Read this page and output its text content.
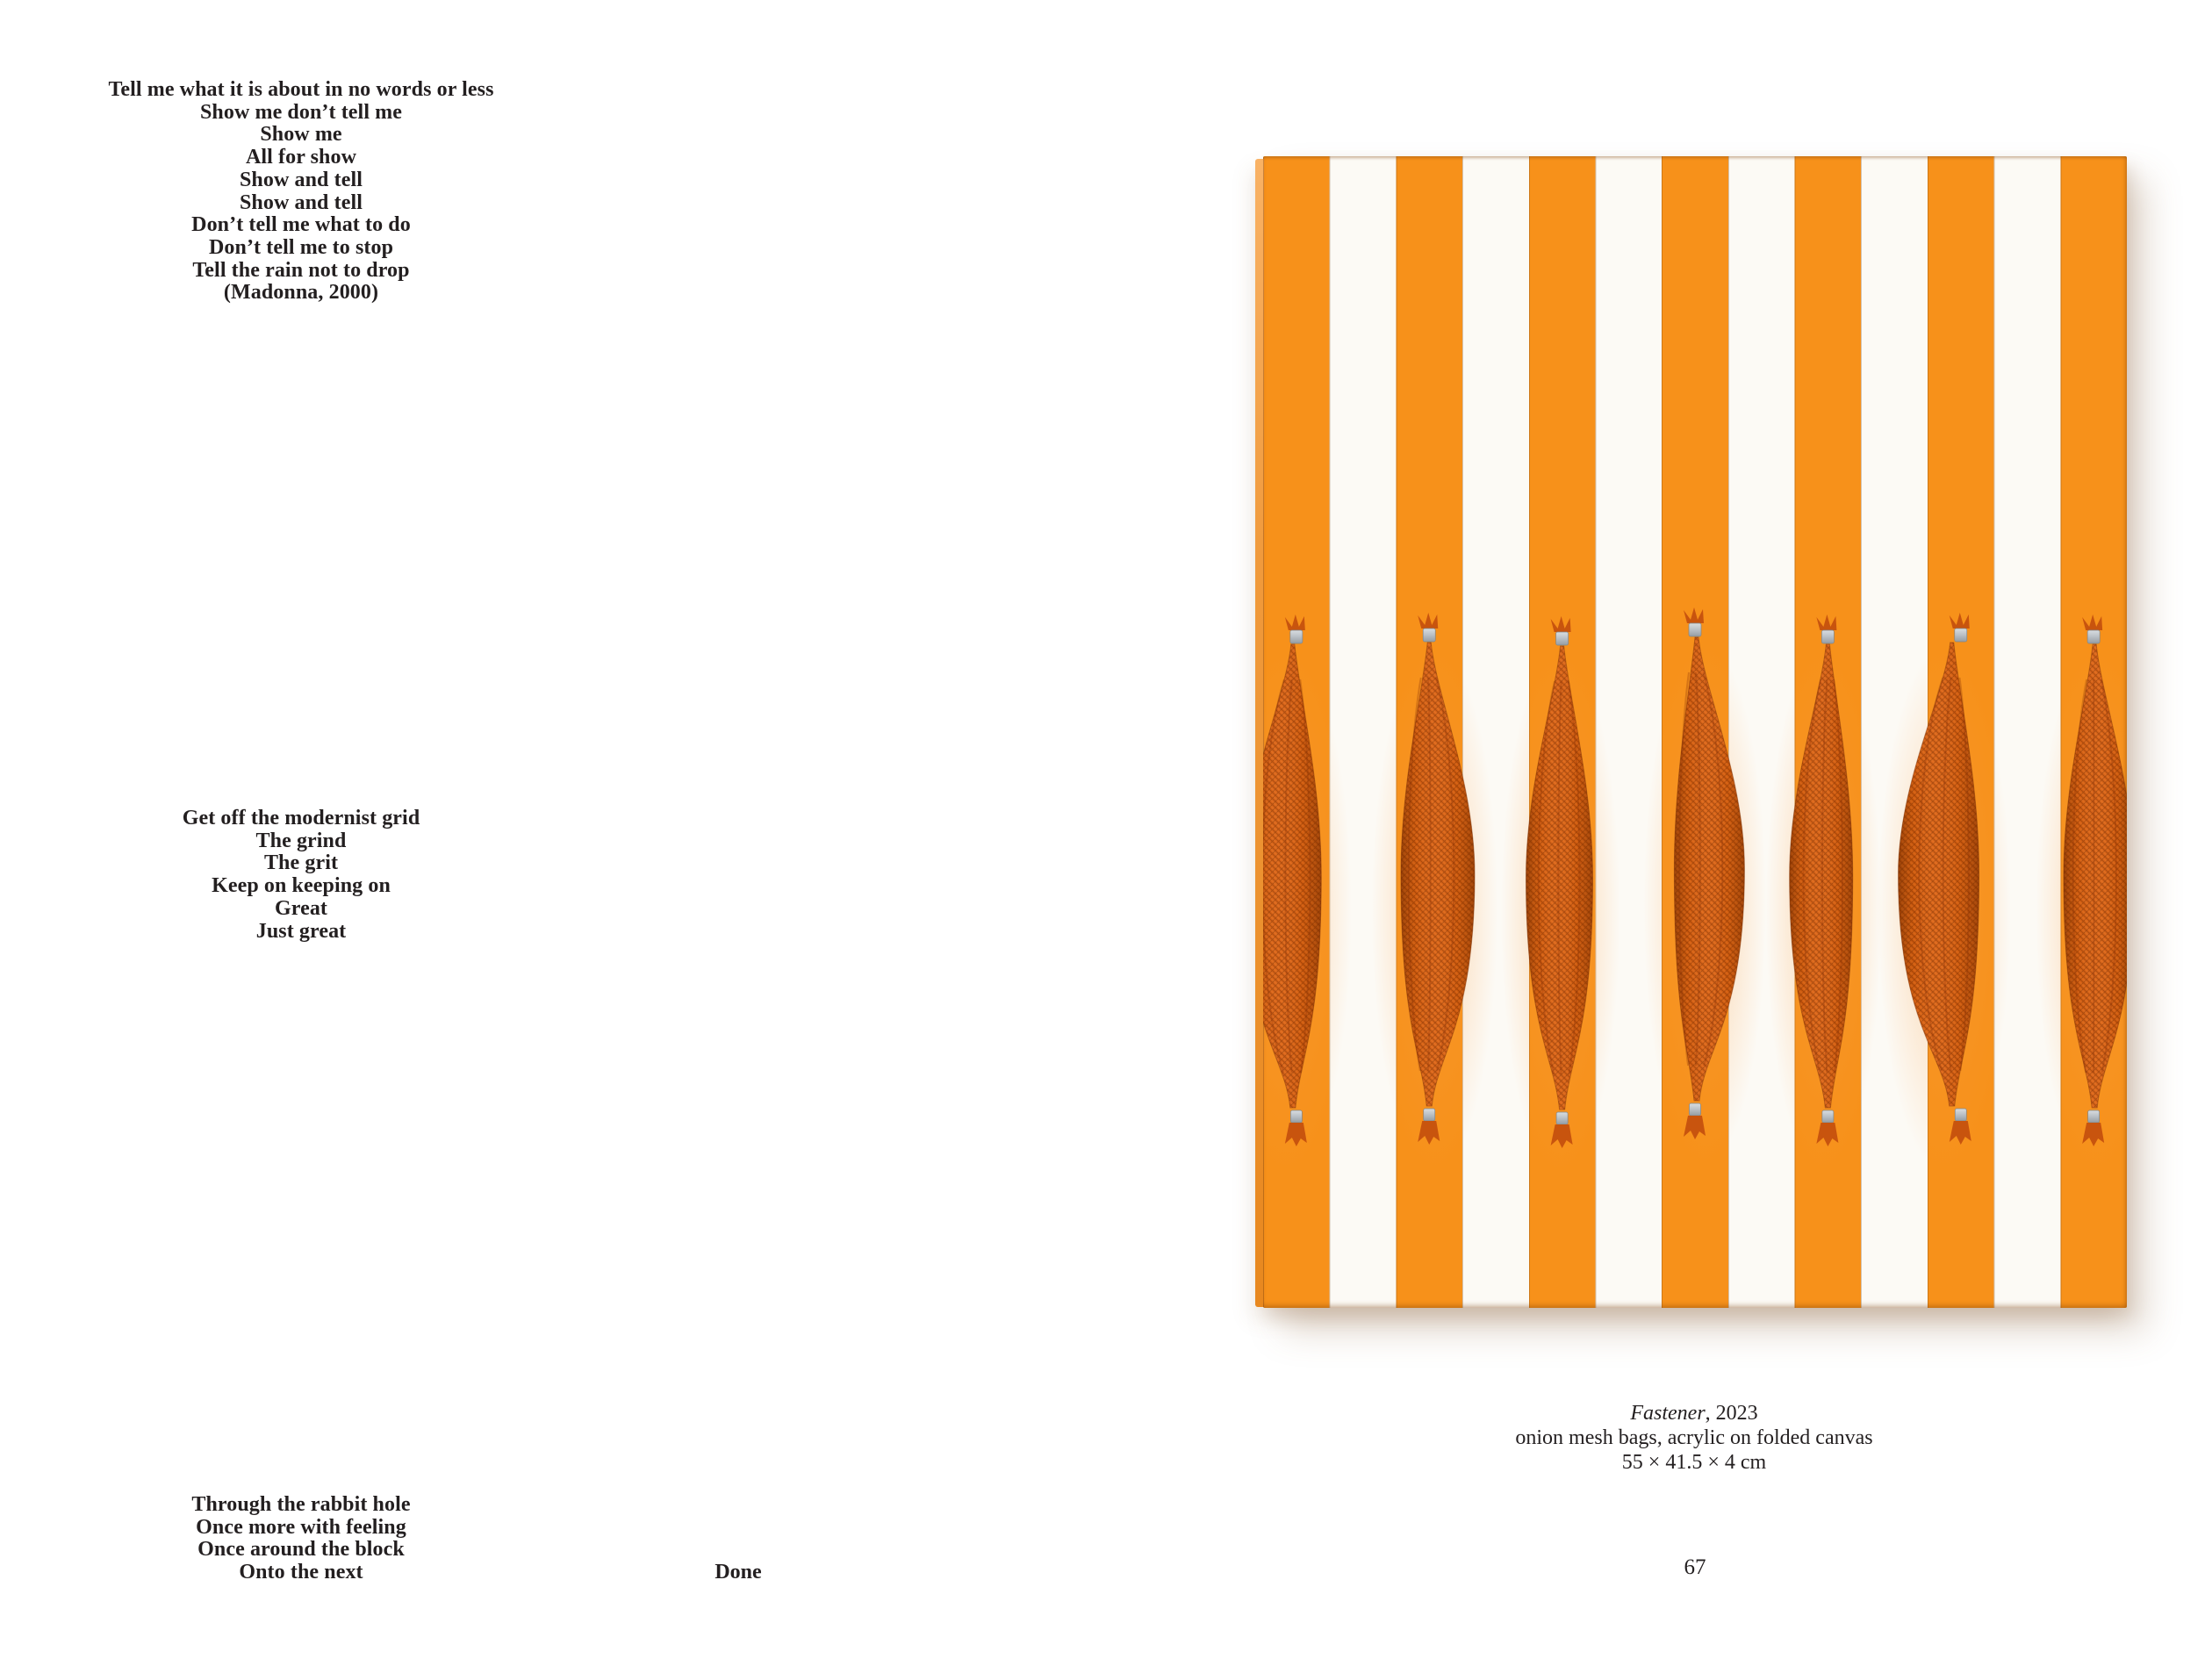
Tell me what it is about in no words or less
Show me don’t tell me
Show me
All for show
Show and tell
Show and tell
Don’t tell me what to do
Don’t tell me to stop
Tell the rain not to drop
(Madonna, 2000)
Get off the modernist grid
The grind
The grit
Keep on keeping on
Great
Just great
Through the rabbit hole
Once more with feeling
Once around the block
Onto the next	Done
Fastener, 2023
onion mesh bags, acrylic on folded canvas
55 × 41.5 × 4 cm
67
